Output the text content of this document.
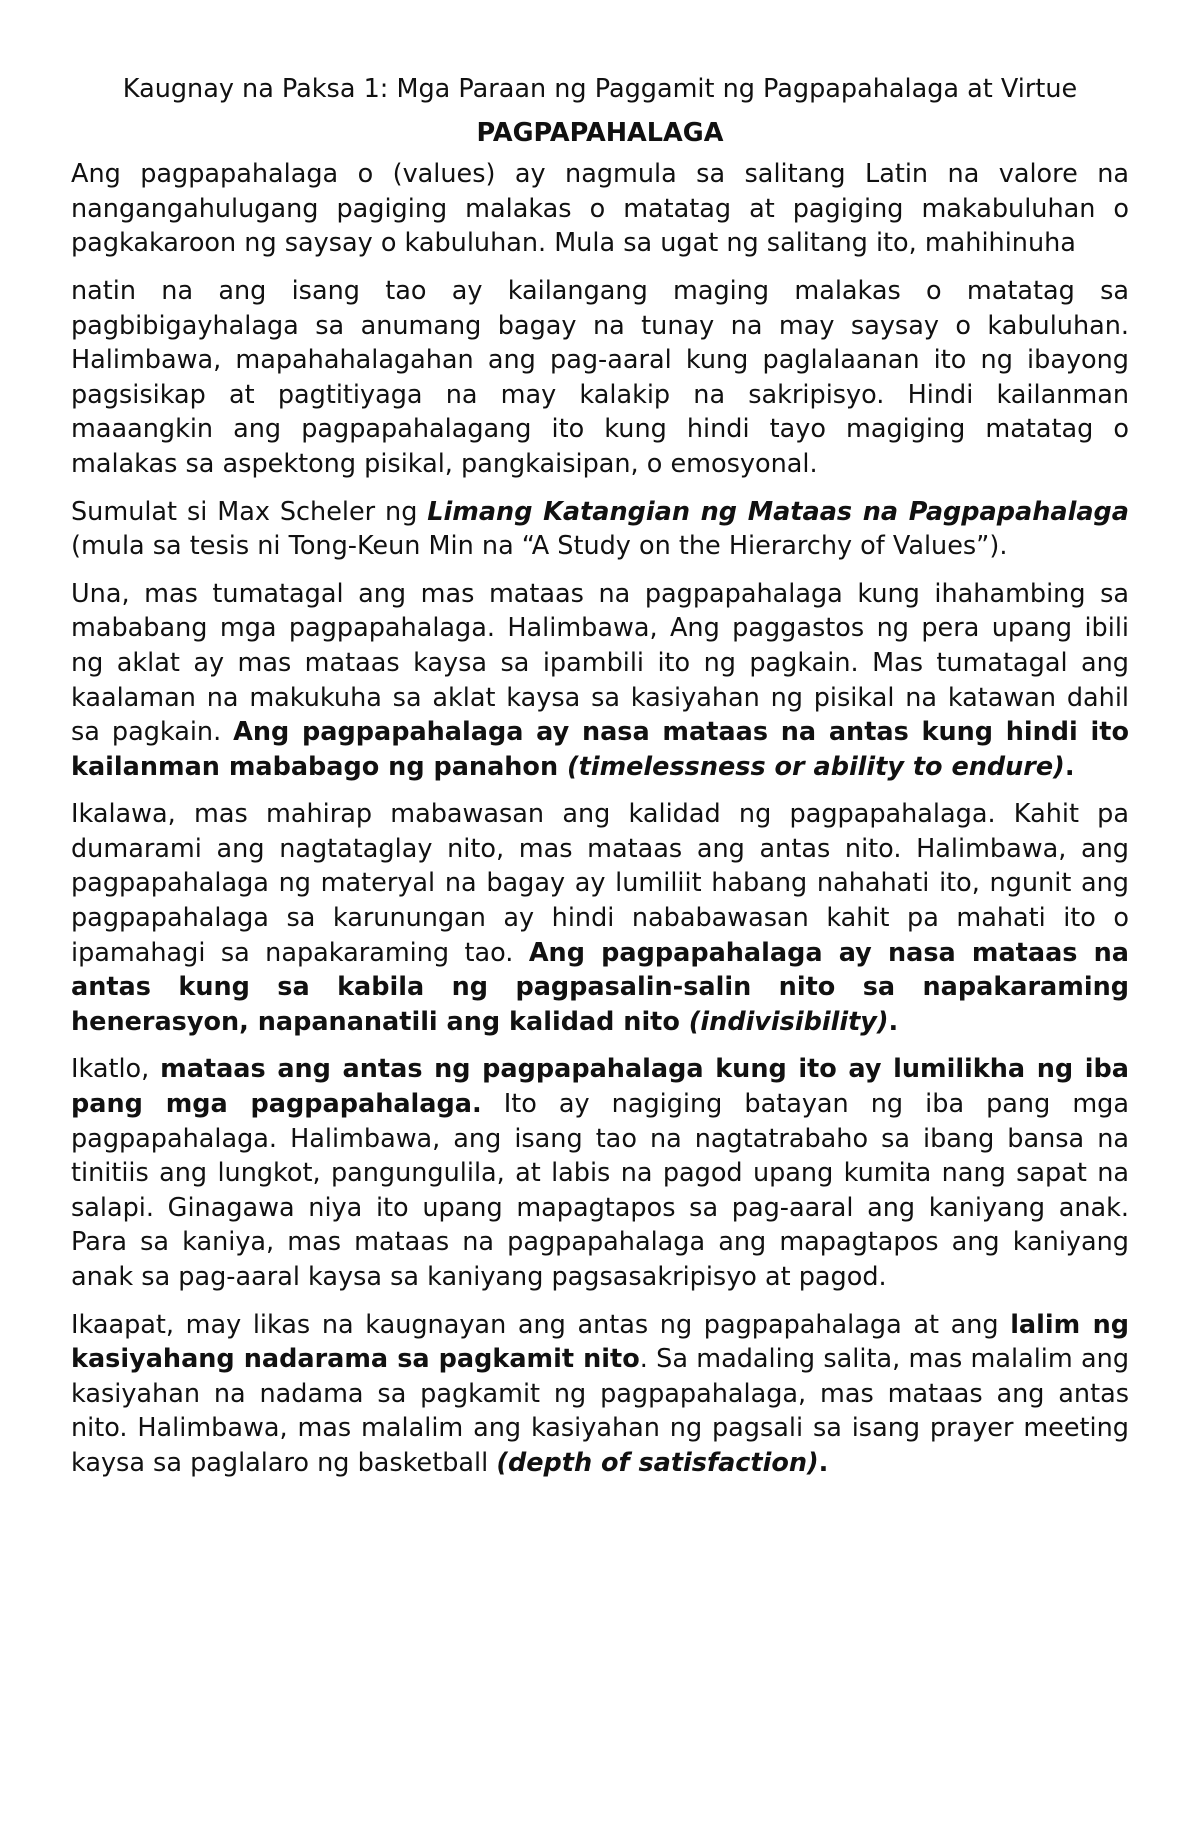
Kaugnay na Paksa 1: Mga Paraan ng Paggamit ng Pagpapahalaga at Virtue
PAGPAPAHALAGA

Ang pagpapahalaga o (values) ay nagmula sa salitang Latin na valore na nangangahulugang pagiging malakas o matatag at pagiging makabuluhan o pagkakaroon ng saysay o kabuluhan. Mula sa ugat ng salitang ito, mahihinuha

natin na ang isang tao ay kailangang maging malakas o matatag sa pagbibigayhalaga sa anumang bagay na tunay na may saysay o kabuluhan. Halimbawa, mapahahalagahan ang pag-aaral kung paglalaanan ito ng ibayong pagsisikap at pagtitiyaga na may kalakip na sakripisyo. Hindi kailanman maaangkin ang pagpapahalagang ito kung hindi tayo magiging matatag o malakas sa aspektong pisikal, pangkaisipan, o emosyonal.

Sumulat si Max Scheler ng Limang Katangian ng Mataas na Pagpapahalaga (mula sa tesis ni Tong-Keun Min na “A Study on the Hierarchy of Values”).

Una, mas tumatagal ang mas mataas na pagpapahalaga kung ihahambing sa mababang mga pagpapahalaga. Halimbawa, Ang paggastos ng pera upang ibili ng aklat ay mas mataas kaysa sa ipambili ito ng pagkain. Mas tumatagal ang kaalaman na makukuha sa aklat kaysa sa kasiyahan ng pisikal na katawan dahil sa pagkain. Ang pagpapahalaga ay nasa mataas na antas kung hindi ito kailanman mababago ng panahon (timelessness or ability to endure).

Ikalawa, mas mahirap mabawasan ang kalidad ng pagpapahalaga. Kahit pa dumarami ang nagtataglay nito, mas mataas ang antas nito. Halimbawa, ang pagpapahalaga ng materyal na bagay ay lumiliit habang nahahati ito, ngunit ang pagpapahalaga sa karunungan ay hindi nababawasan kahit pa mahati ito o ipamahagi sa napakaraming tao. Ang pagpapahalaga ay nasa mataas na antas kung sa kabila ng pagpasalin-salin nito sa napakaraming henerasyon, napananatili ang kalidad nito (indivisibility).

Ikatlo, mataas ang antas ng pagpapahalaga kung ito ay lumilikha ng iba pang mga pagpapahalaga. Ito ay nagiging batayan ng iba pang mga pagpapahalaga. Halimbawa, ang isang tao na nagtatrabaho sa ibang bansa na tinitiis ang lungkot, pangungulila, at labis na pagod upang kumita nang sapat na salapi. Ginagawa niya ito upang mapagtapos sa pag-aaral ang kaniyang anak. Para sa kaniya, mas mataas na pagpapahalaga ang mapagtapos ang kaniyang anak sa pag-aaral kaysa sa kaniyang pagsasakripisyo at pagod.

Ikaapat, may likas na kaugnayan ang antas ng pagpapahalaga at ang lalim ng kasiyahang nadarama sa pagkamit nito. Sa madaling salita, mas malalim ang kasiyahan na nadama sa pagkamit ng pagpapahalaga, mas mataas ang antas nito. Halimbawa, mas malalim ang kasiyahan ng pagsali sa isang prayer meeting kaysa sa paglalaro ng basketball (depth of satisfaction).
